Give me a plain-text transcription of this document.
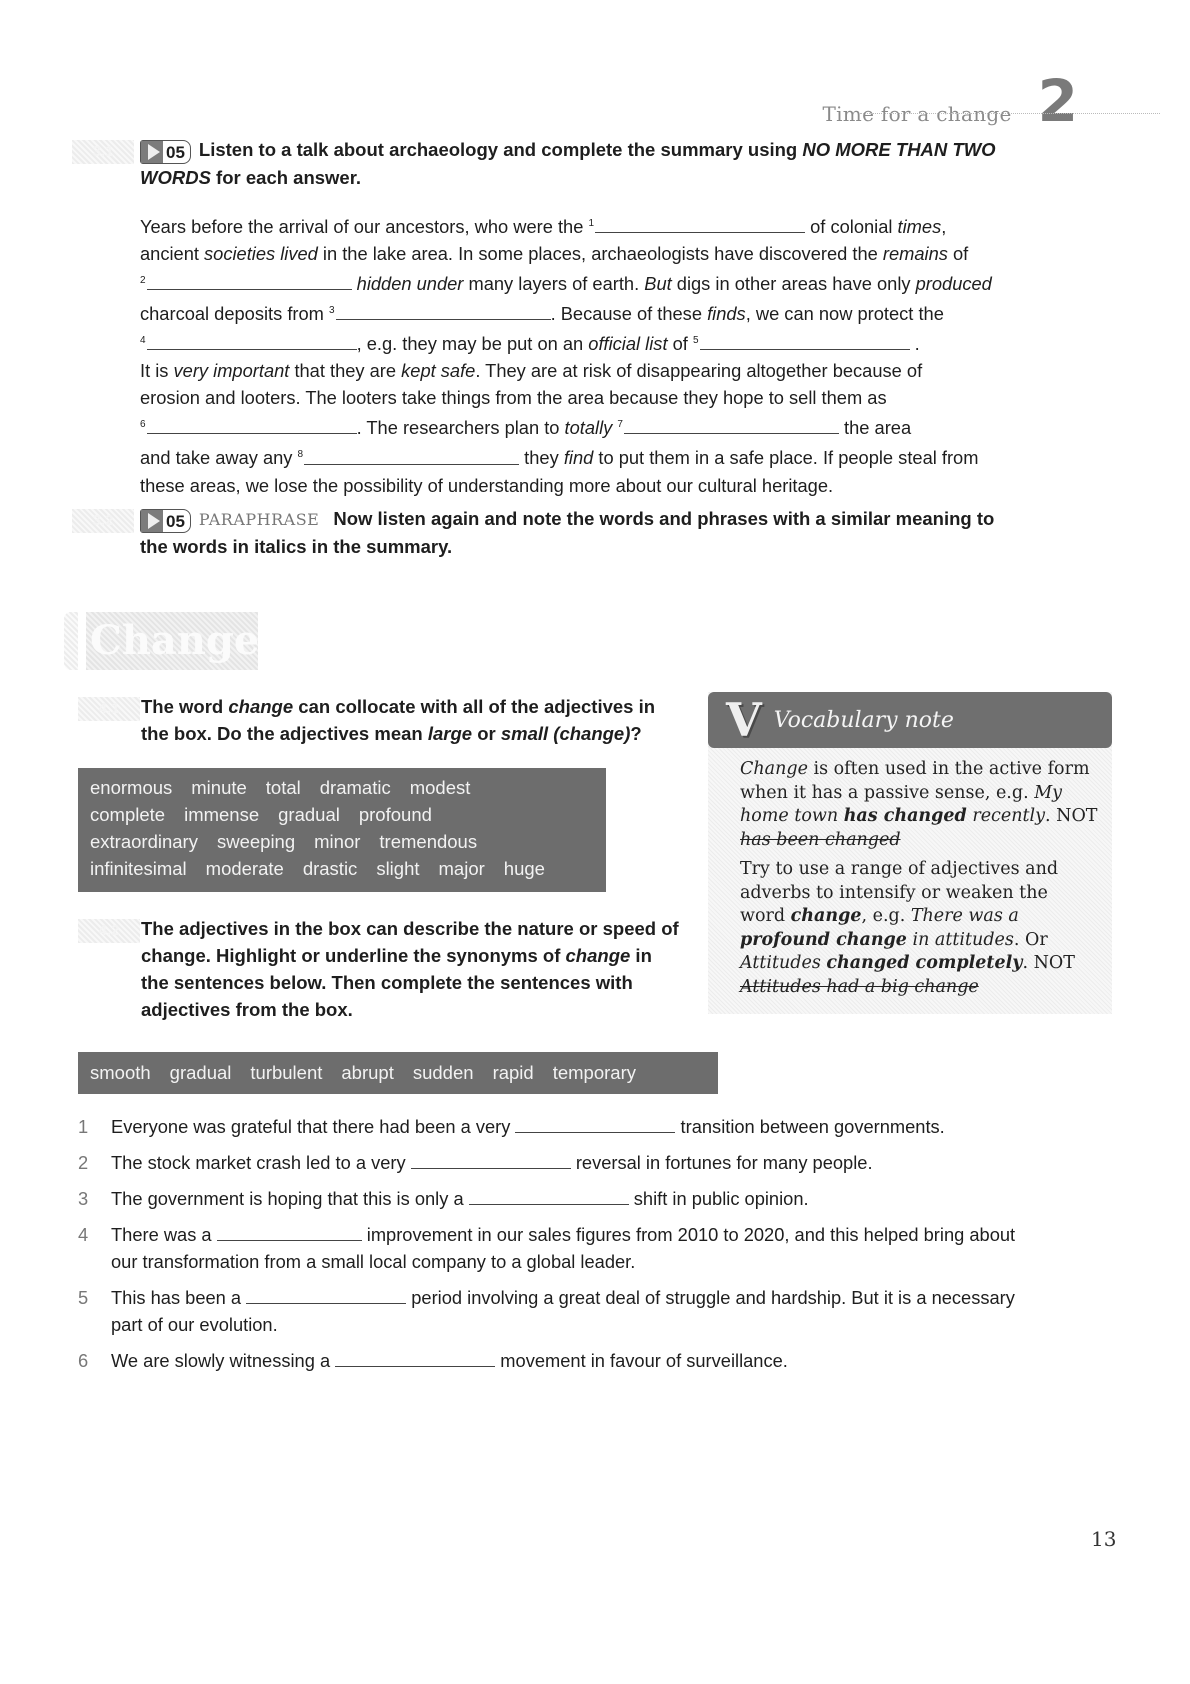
Time for a change 2
3.1	05 Listen to a talk about archaeology and complete the summary using NO MORE THAN TWO WORDS for each answer.
Years before the arrival of our ancestors, who were the $^1$	of colonial times,
ancient societies lived in the lake area. In some places, archaeologists have discovered the remains of
$^2$	hidden under many layers of earth. But digs in other areas have only produced
charcoal deposits from $^3$	. Because of these finds, we can now protect the
$^4$	, e.g. they may be put on an official list of $^5$	.
It is very important that they are kept safe. They are at risk of disappearing altogether because of
erosion and looters. The looters take things from the area because they hope to sell them as
$^6$	. The researchers plan to totally $^7$	the area
and take away any $^8$	they find to put them in a safe place. If people steal from
these areas, we lose the possibility of understanding more about our cultural heritage.
3.2	05 PARAPHRASE Now listen again and note the words and phrases with a similar meaning to the words in italics in the summary.
Change
4.1	The word change can collocate with all of the adjectives in the box. Do the adjectives mean large or small (change)?
enormous minute total dramatic modest
complete immense gradual profound
extraordinary sweeping minor tremendous
infinitesimal moderate drastic slight major huge
V Vocabulary note

Change is often used in the active form when it has a passive sense, e.g. My home town has changed recently. NOT has been changed

Try to use a range of adjectives and adverbs to intensify or weaken the word change, e.g. There was a profound change in attitudes. Or Attitudes changed completely. NOT Attitudes had a big change

4.2	The adjectives in the box can describe the nature or speed of change. Highlight or underline the synonyms of change in the sentences below. Then complete the sentences with adjectives from the box.
smooth gradual turbulent abrupt sudden rapid temporary
1	Everyone was grateful that there had been a very	transition between governments.
2	The stock market crash led to a very	reversal in fortunes for many people.
3	The government is hoping that this is only a	shift in public opinion.
4	There was a	improvement in our sales figures from 2010 to 2020, and this helped bring about our transformation from a small local company to a global leader.
5	This has been a	period involving a great deal of struggle and hardship. But it is a necessary part of our evolution.
6	We are slowly witnessing a	movement in favour of surveillance.
13
